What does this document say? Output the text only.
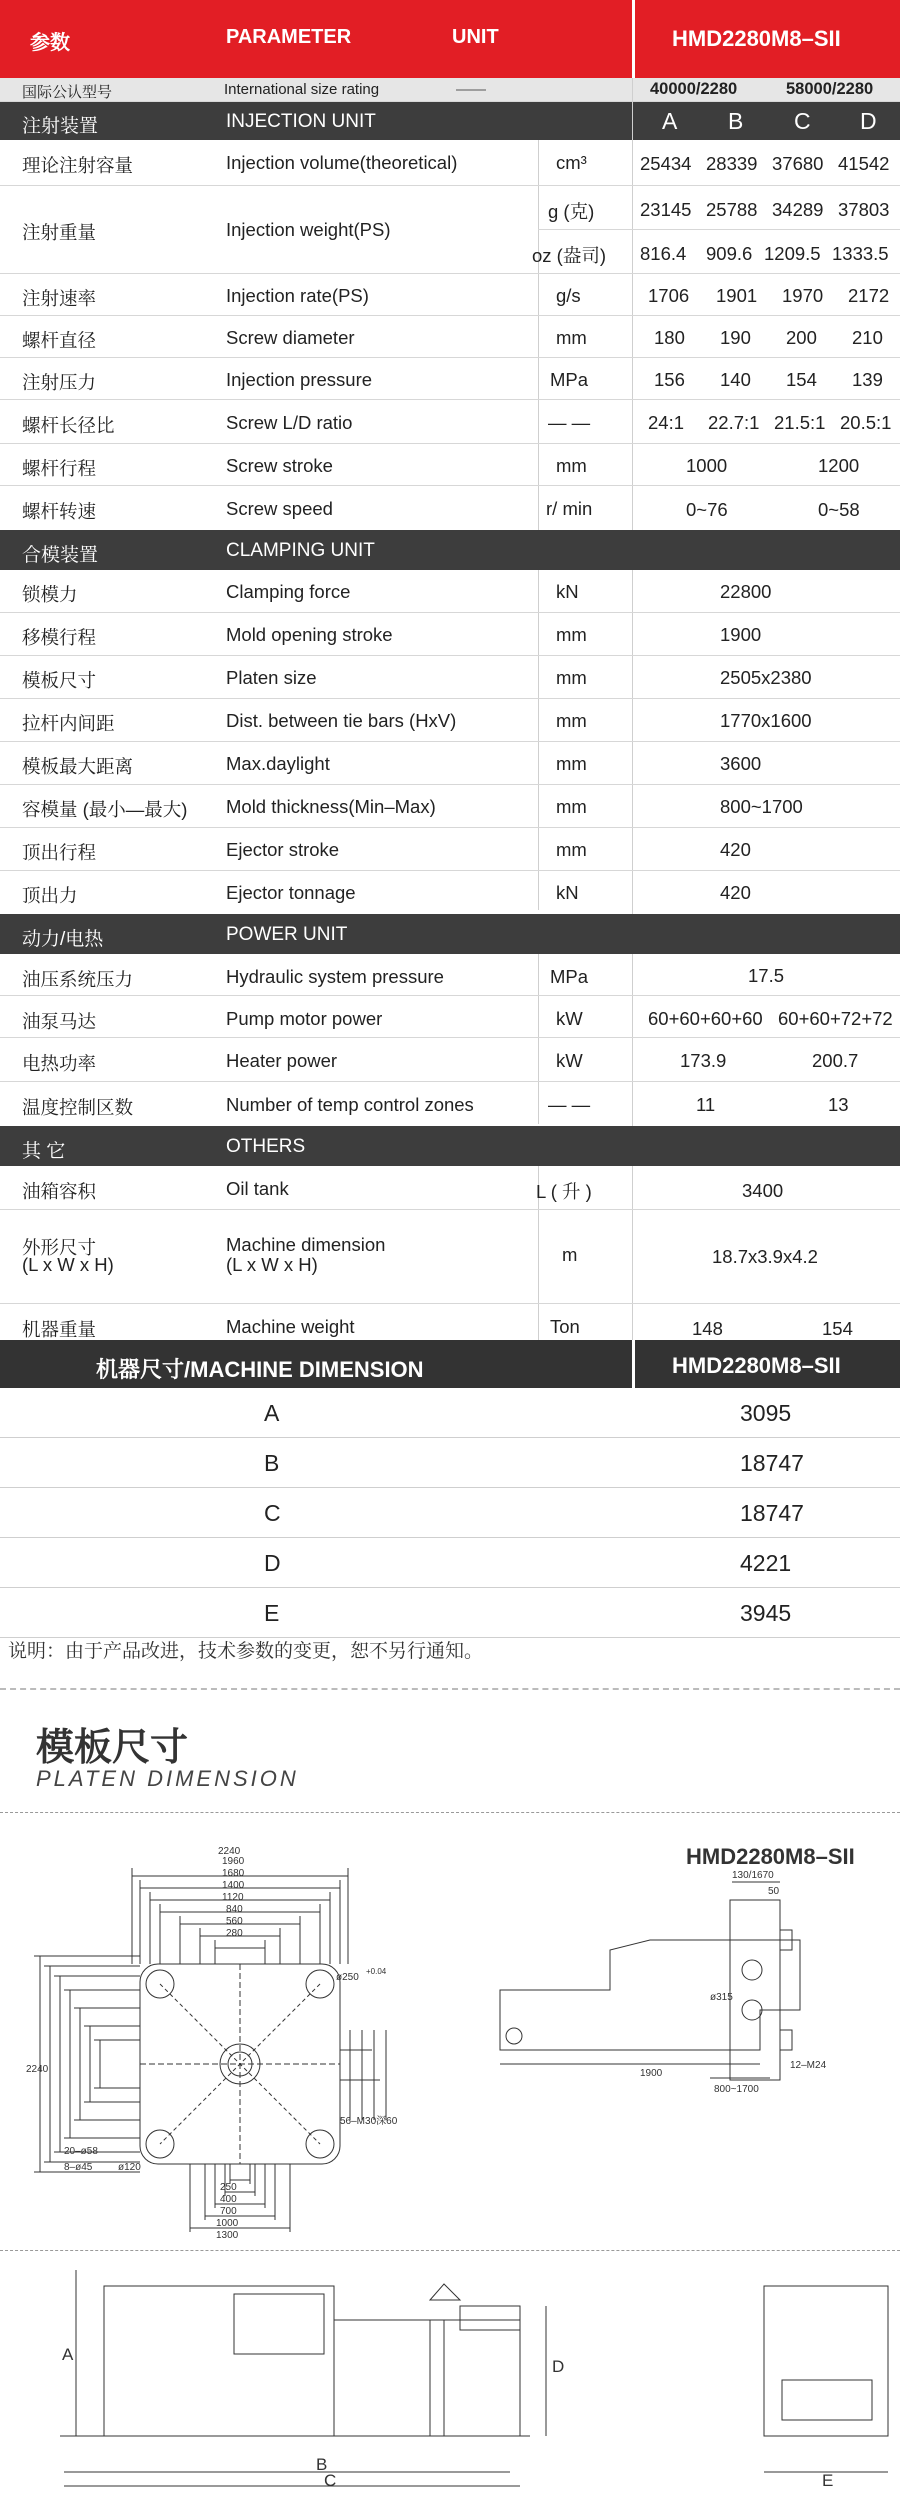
参数	PARAMETER	UNIT	HMD2280M8–SII
国际公认型号	International size rating	——	40000/2280	58000/2280
注射装置	INJECTION UNIT	A B C D
理论注射容量	Injection volume(theoretical)	cm³	25434 28339 37680 41542
注射重量	Injection weight(PS)
g (克) 23145 25788 34289 37803
oz (盎司) 816.4 909.6 1209.5 1333.5
注射速率	Injection rate(PS)	g/s	1706 1901 1970 2172
螺杆直径	Screw diameter	mm	180 190 200 210
注射压力	Injection pressure	MPa	156 140 154 139
螺杆长径比	Screw L/D ratio	— —	24:1 22.7:1 21.5:1 20.5:1
螺杆行程	Screw stroke	mm	1000	1200
螺杆转速	Screw speed	r/ min	0~76	0~58
合模装置	CLAMPING UNIT
锁模力	Clamping force	kN	22800
移模行程	Mold opening stroke	mm	1900
模板尺寸	Platen size	mm	2505x2380
拉杆内间距	Dist. between tie bars (HxV)	mm	1770x1600
模板最大距离	Max.daylight	mm	3600
容模量 (最小—最大) Mold thickness(Min–Max)	mm	800~1700
顶出行程	Ejector stroke	mm	420
顶出力	Ejector tonnage	kN	420
动力/电热	POWER UNIT
油压系统压力	Hydraulic system pressure	MPa	17.5
油泵马达	Pump motor power	kW	60+60+60+60 60+60+72+72
电热功率	Heater power	kW	173.9	200.7
温度控制区数	Number of temp control zones	— —	11	13
其 它	OTHERS
油箱容积	Oil tank	L ( 升 )	3400
外形尺寸
(L x W x H)
Machine dimension
(L x W x H)	m	18.7x3.9x4.2
机器重量	Machine weight	Ton	148	154
机器尺寸/MACHINE DIMENSION	HMD2280M8–SII
A	3095
B	18747
C	18747
D	4221
E	3945
说明：由于产品改进，技术参数的变更，恕不另行通知。
模板尺寸
PLATEN DIMENSION
HMD2280M8–SII
2240
1960
1680
1400
1120
840
560
280
2240
ø250
+0.04
56–M30深60
20–ø58
8–ø45	ø120
250
400
700
1000
1300
1900
800~1700
130/1670
50
ø315
12–M24
A
B
C
D
E
